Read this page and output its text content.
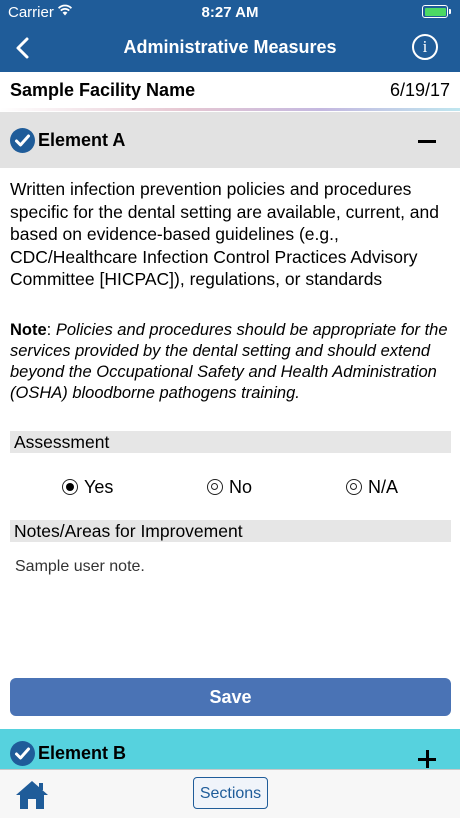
Carrier	8:27 AM
Administrative Measures	i
Sample Facility Name	6/19/17
Element A
Written infection prevention policies and procedures specific for the dental setting are available, current, and based on evidence-based guidelines (e.g., CDC/Healthcare Infection Control Practices Advisory Committee [HICPAC]), regulations, or standards
Note: Policies and procedures should be appropriate for the services provided by the dental setting and should extend beyond the Occupational Safety and Health Administration (OSHA) bloodborne pathogens training.
Assessment
Yes	No	N/A
Notes/Areas for Improvement
Sample user note.
Save
Element B
Sections
